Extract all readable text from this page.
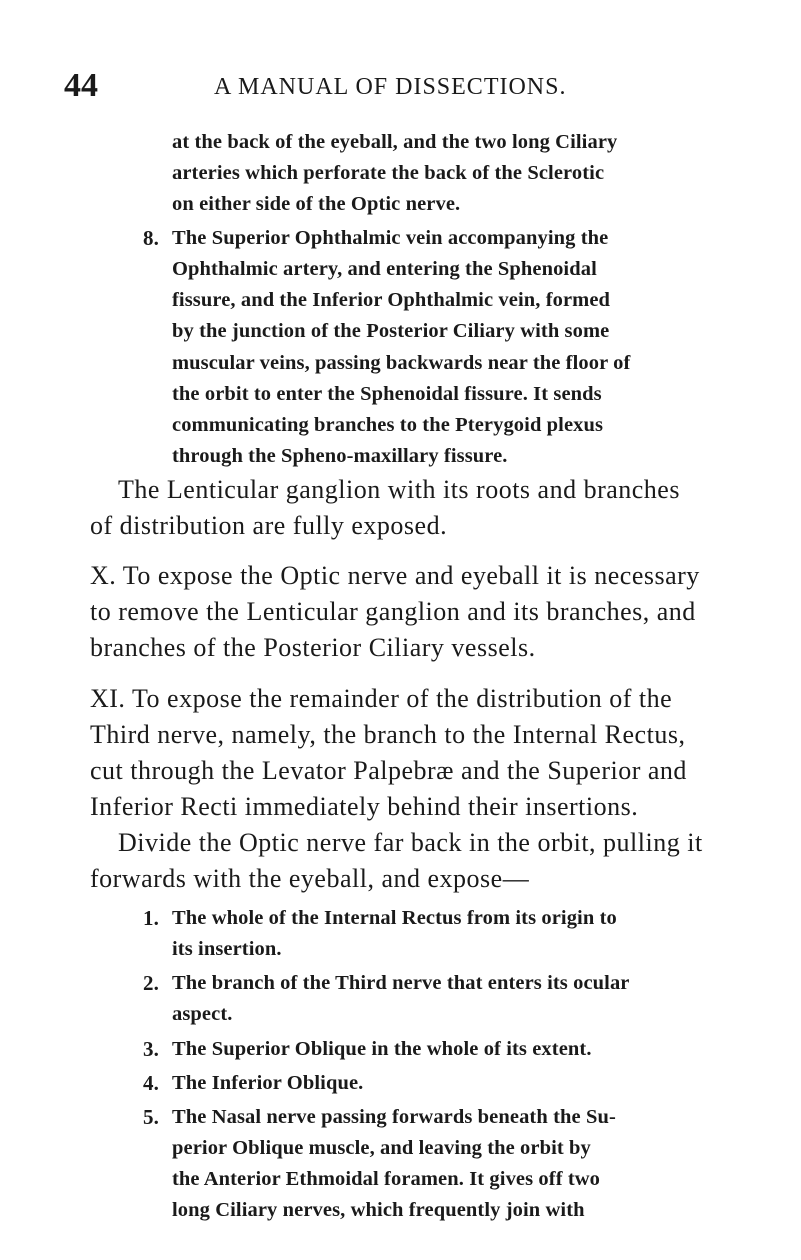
44	A MANUAL OF DISSECTIONS.
at the back of the eyeball, and the two long Ciliary
arteries which perforate the back of the Sclerotic
on either side of the Optic nerve.
8. The Superior Ophthalmic vein accompanying the
Ophthalmic artery, and entering the Sphenoidal
fissure, and the Inferior Ophthalmic vein, formed
by the junction of the Posterior Ciliary with some
muscular veins, passing backwards near the floor of
the orbit to enter the Sphenoidal fissure. It sends
communicating branches to the Pterygoid plexus
through the Spheno-maxillary fissure.
The Lenticular ganglion with its roots and branches
of distribution are fully exposed.
X. To expose the Optic nerve and eyeball it is necessary
to remove the Lenticular ganglion and its branches, and
branches of the Posterior Ciliary vessels.
XI. To expose the remainder of the distribution of the
Third nerve, namely, the branch to the Internal Rectus,
cut through the Levator Palpebræ and the Superior and
Inferior Recti immediately behind their insertions.
Divide the Optic nerve far back in the orbit, pulling it
forwards with the eyeball, and expose—
1. The whole of the Internal Rectus from its origin to
its insertion.
2. The branch of the Third nerve that enters its ocular
aspect.
3. The Superior Oblique in the whole of its extent.
4. The Inferior Oblique.
5. The Nasal nerve passing forwards beneath the Su-
perior Oblique muscle, and leaving the orbit by
the Anterior Ethmoidal foramen. It gives off two
long Ciliary nerves, which frequently join with
